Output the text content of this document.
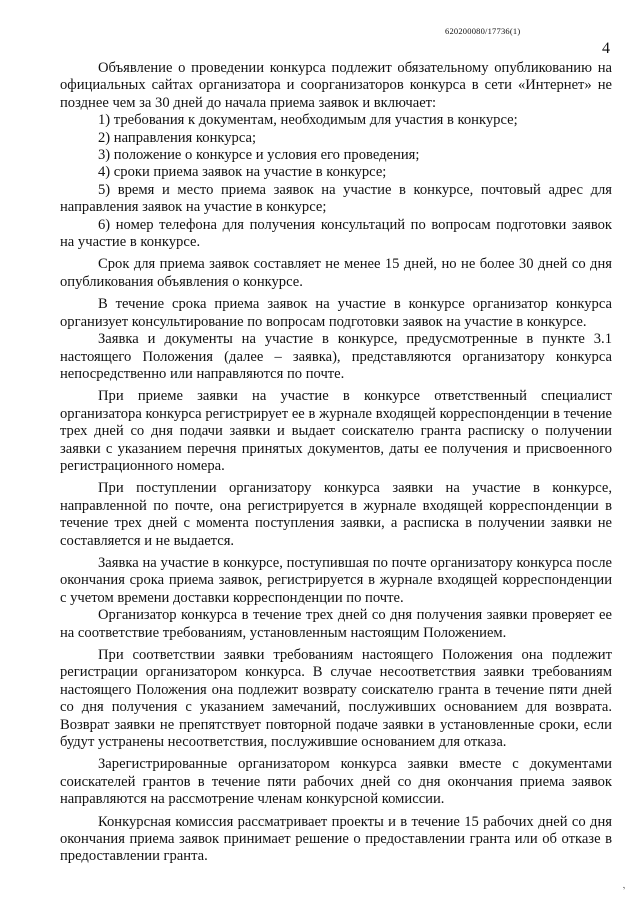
620200080/17736(1)
4

Объявление о проведении конкурса подлежит обязательному опубликованию на официальных сайтах организатора и соорганизаторов конкурса в сети «Интернет» не позднее чем за 30 дней до начала приема заявок и включает:

1) требования к документам, необходимым для участия в конкурсе;

2) направления конкурса;

3) положение о конкурсе и условия его проведения;

4) сроки приема заявок на участие в конкурсе;

5) время и место приема заявок на участие в конкурсе, почтовый адрес для направления заявок на участие в конкурсе;

6) номер телефона для получения консультаций по вопросам подготовки заявок на участие в конкурсе.

Срок для приема заявок составляет не менее 15 дней, но не более 30 дней со дня опубликования объявления о конкурсе.

В течение срока приема заявок на участие в конкурсе организатор конкурса организует консультирование по вопросам подготовки заявок на участие в конкурсе.

Заявка и документы на участие в конкурсе, предусмотренные в пункте 3.1 настоящего Положения (далее – заявка), представляются организатору конкурса непосредственно или направляются по почте.

При приеме заявки на участие в конкурсе ответственный специалист организатора конкурса регистрирует ее в журнале входящей корреспонденции в течение трех дней со дня подачи заявки и выдает соискателю гранта расписку о получении заявки с указанием перечня принятых документов, даты ее получения и присвоенного регистрационного номера.

При поступлении организатору конкурса заявки на участие в конкурсе, направленной по почте, она регистрируется в журнале входящей корреспонденции в течение трех дней с момента поступления заявки, а расписка в получении заявки не составляется и не выдается.

Заявка на участие в конкурсе, поступившая по почте организатору конкурса после окончания срока приема заявок, регистрируется в журнале входящей корреспонденции с учетом времени доставки корреспонденции по почте.

Организатор конкурса в течение трех дней со дня получения заявки проверяет ее на соответствие требованиям, установленным настоящим Положением.

При соответствии заявки требованиям настоящего Положения она подлежит регистрации организатором конкурса. В случае несоответствия заявки требованиям настоящего Положения она подлежит возврату соискателю гранта в течение пяти дней со дня получения с указанием замечаний, послуживших основанием для возврата. Возврат заявки не препятствует повторной подаче заявки в установленные сроки, если будут устранены несоответствия, послужившие основанием для отказа.

Зарегистрированные организатором конкурса заявки вместе с документами соискателей грантов в течение пяти рабочих дней со дня окончания приема заявок направляются на рассмотрение членам конкурсной комиссии.

Конкурсная комиссия рассматривает проекты и в течение 15 рабочих дней со дня окончания приема заявок принимает решение о предоставлении гранта или об отказе в предоставлении гранта.

,
